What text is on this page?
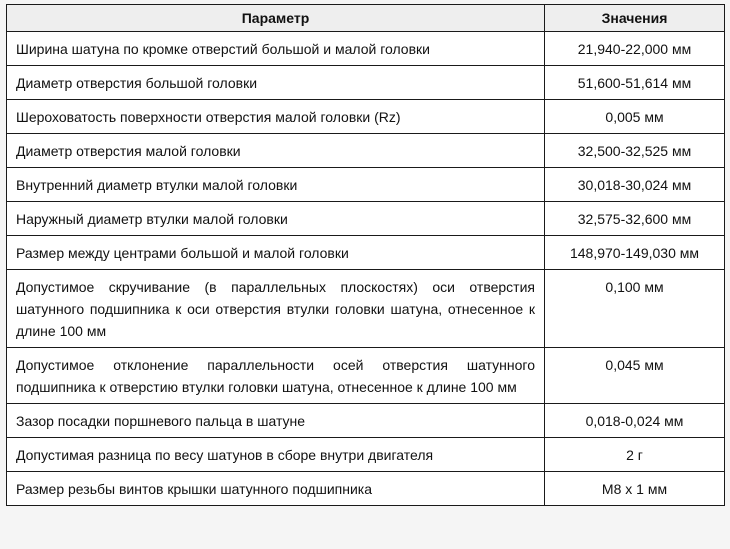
Параметр	Значения
Ширина шатуна по кромке отверстий большой и малой головки	21,940-22,000 мм
Диаметр отверстия большой головки	51,600-51,614 мм
Шероховатость поверхности отверстия малой головки (Rz)	0,005 мм
Диаметр отверстия малой головки	32,500-32,525 мм
Внутренний диаметр втулки малой головки	30,018-30,024 мм
Наружный диаметр втулки малой головки	32,575-32,600 мм
Размер между центрами большой и малой головки	148,970-149,030 мм
Допустимое скручивание (в параллельных плоскостях) оси отверстия шатунного подшипника к оси отверстия втулки головки шатуна, отнесенное к длине 100 мм	0,100 мм
Допустимое отклонение параллельности осей отверстия шатунного подшипника к отверстию втулки головки шатуна, отнесенное к длине 100 мм	0,045 мм
Зазор посадки поршневого пальца в шатуне	0,018-0,024 мм
Допустимая разница по весу шатунов в сборе внутри двигателя	2 г
Размер резьбы винтов крышки шатунного подшипника	М8 х 1 мм
